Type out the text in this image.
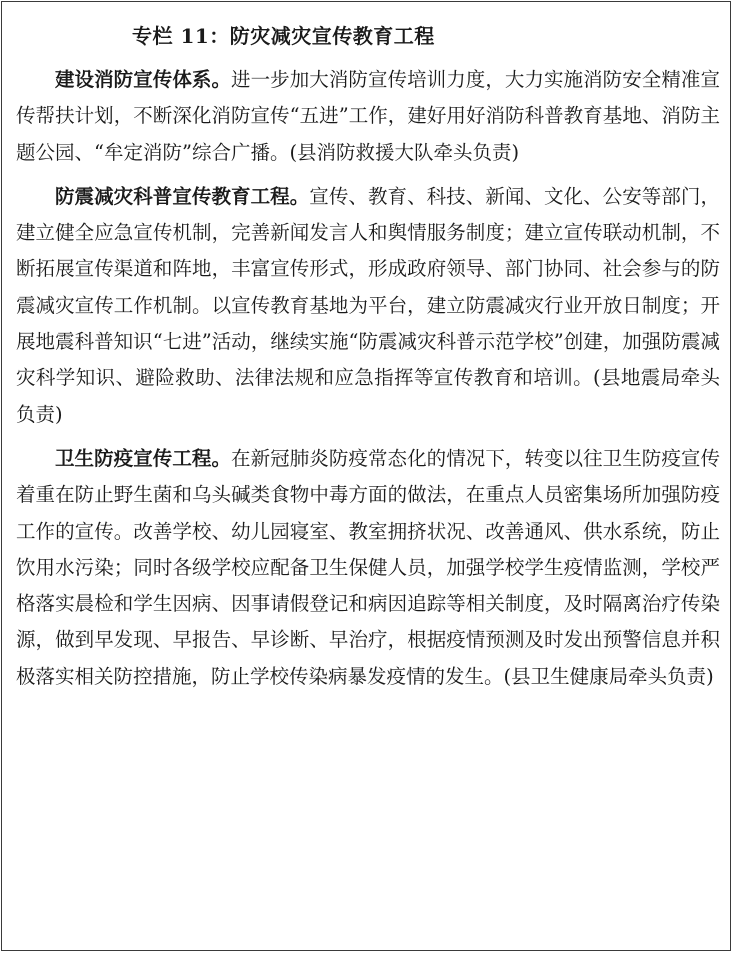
专栏 11：防灾减灾宣传教育工程

建设消防宣传体系。进一步加大消防宣传培训力度，大力实施消防安全精准宣传帮扶计划，不断深化消防宣传“五进”工作，建好用好消防科普教育基地、消防主题公园、“牟定消防”综合广播。(县消防救援大队牵头负责)

防震减灾科普宣传教育工程。宣传、教育、科技、新闻、文化、公安等部门，建立健全应急宣传机制，完善新闻发言人和舆情服务制度；建立宣传联动机制，不断拓展宣传渠道和阵地，丰富宣传形式，形成政府领导、部门协同、社会参与的防震减灾宣传工作机制。以宣传教育基地为平台，建立防震减灾行业开放日制度；开展地震科普知识“七进”活动，继续实施“防震减灾科普示范学校”创建，加强防震减灾科学知识、避险救助、法律法规和应急指挥等宣传教育和培训。(县地震局牵头负责)

卫生防疫宣传工程。在新冠肺炎防疫常态化的情况下，转变以往卫生防疫宣传着重在防止野生菌和乌头碱类食物中毒方面的做法，在重点人员密集场所加强防疫工作的宣传。改善学校、幼儿园寝室、教室拥挤状况、改善通风、供水系统，防止饮用水污染；同时各级学校应配备卫生保健人员，加强学校学生疫情监测，学校严格落实晨检和学生因病、因事请假登记和病因追踪等相关制度，及时隔离治疗传染源，做到早发现、早报告、早诊断、早治疗，根据疫情预测及时发出预警信息并积极落实相关防控措施，防止学校传染病暴发疫情的发生。(县卫生健康局牵头负责)
